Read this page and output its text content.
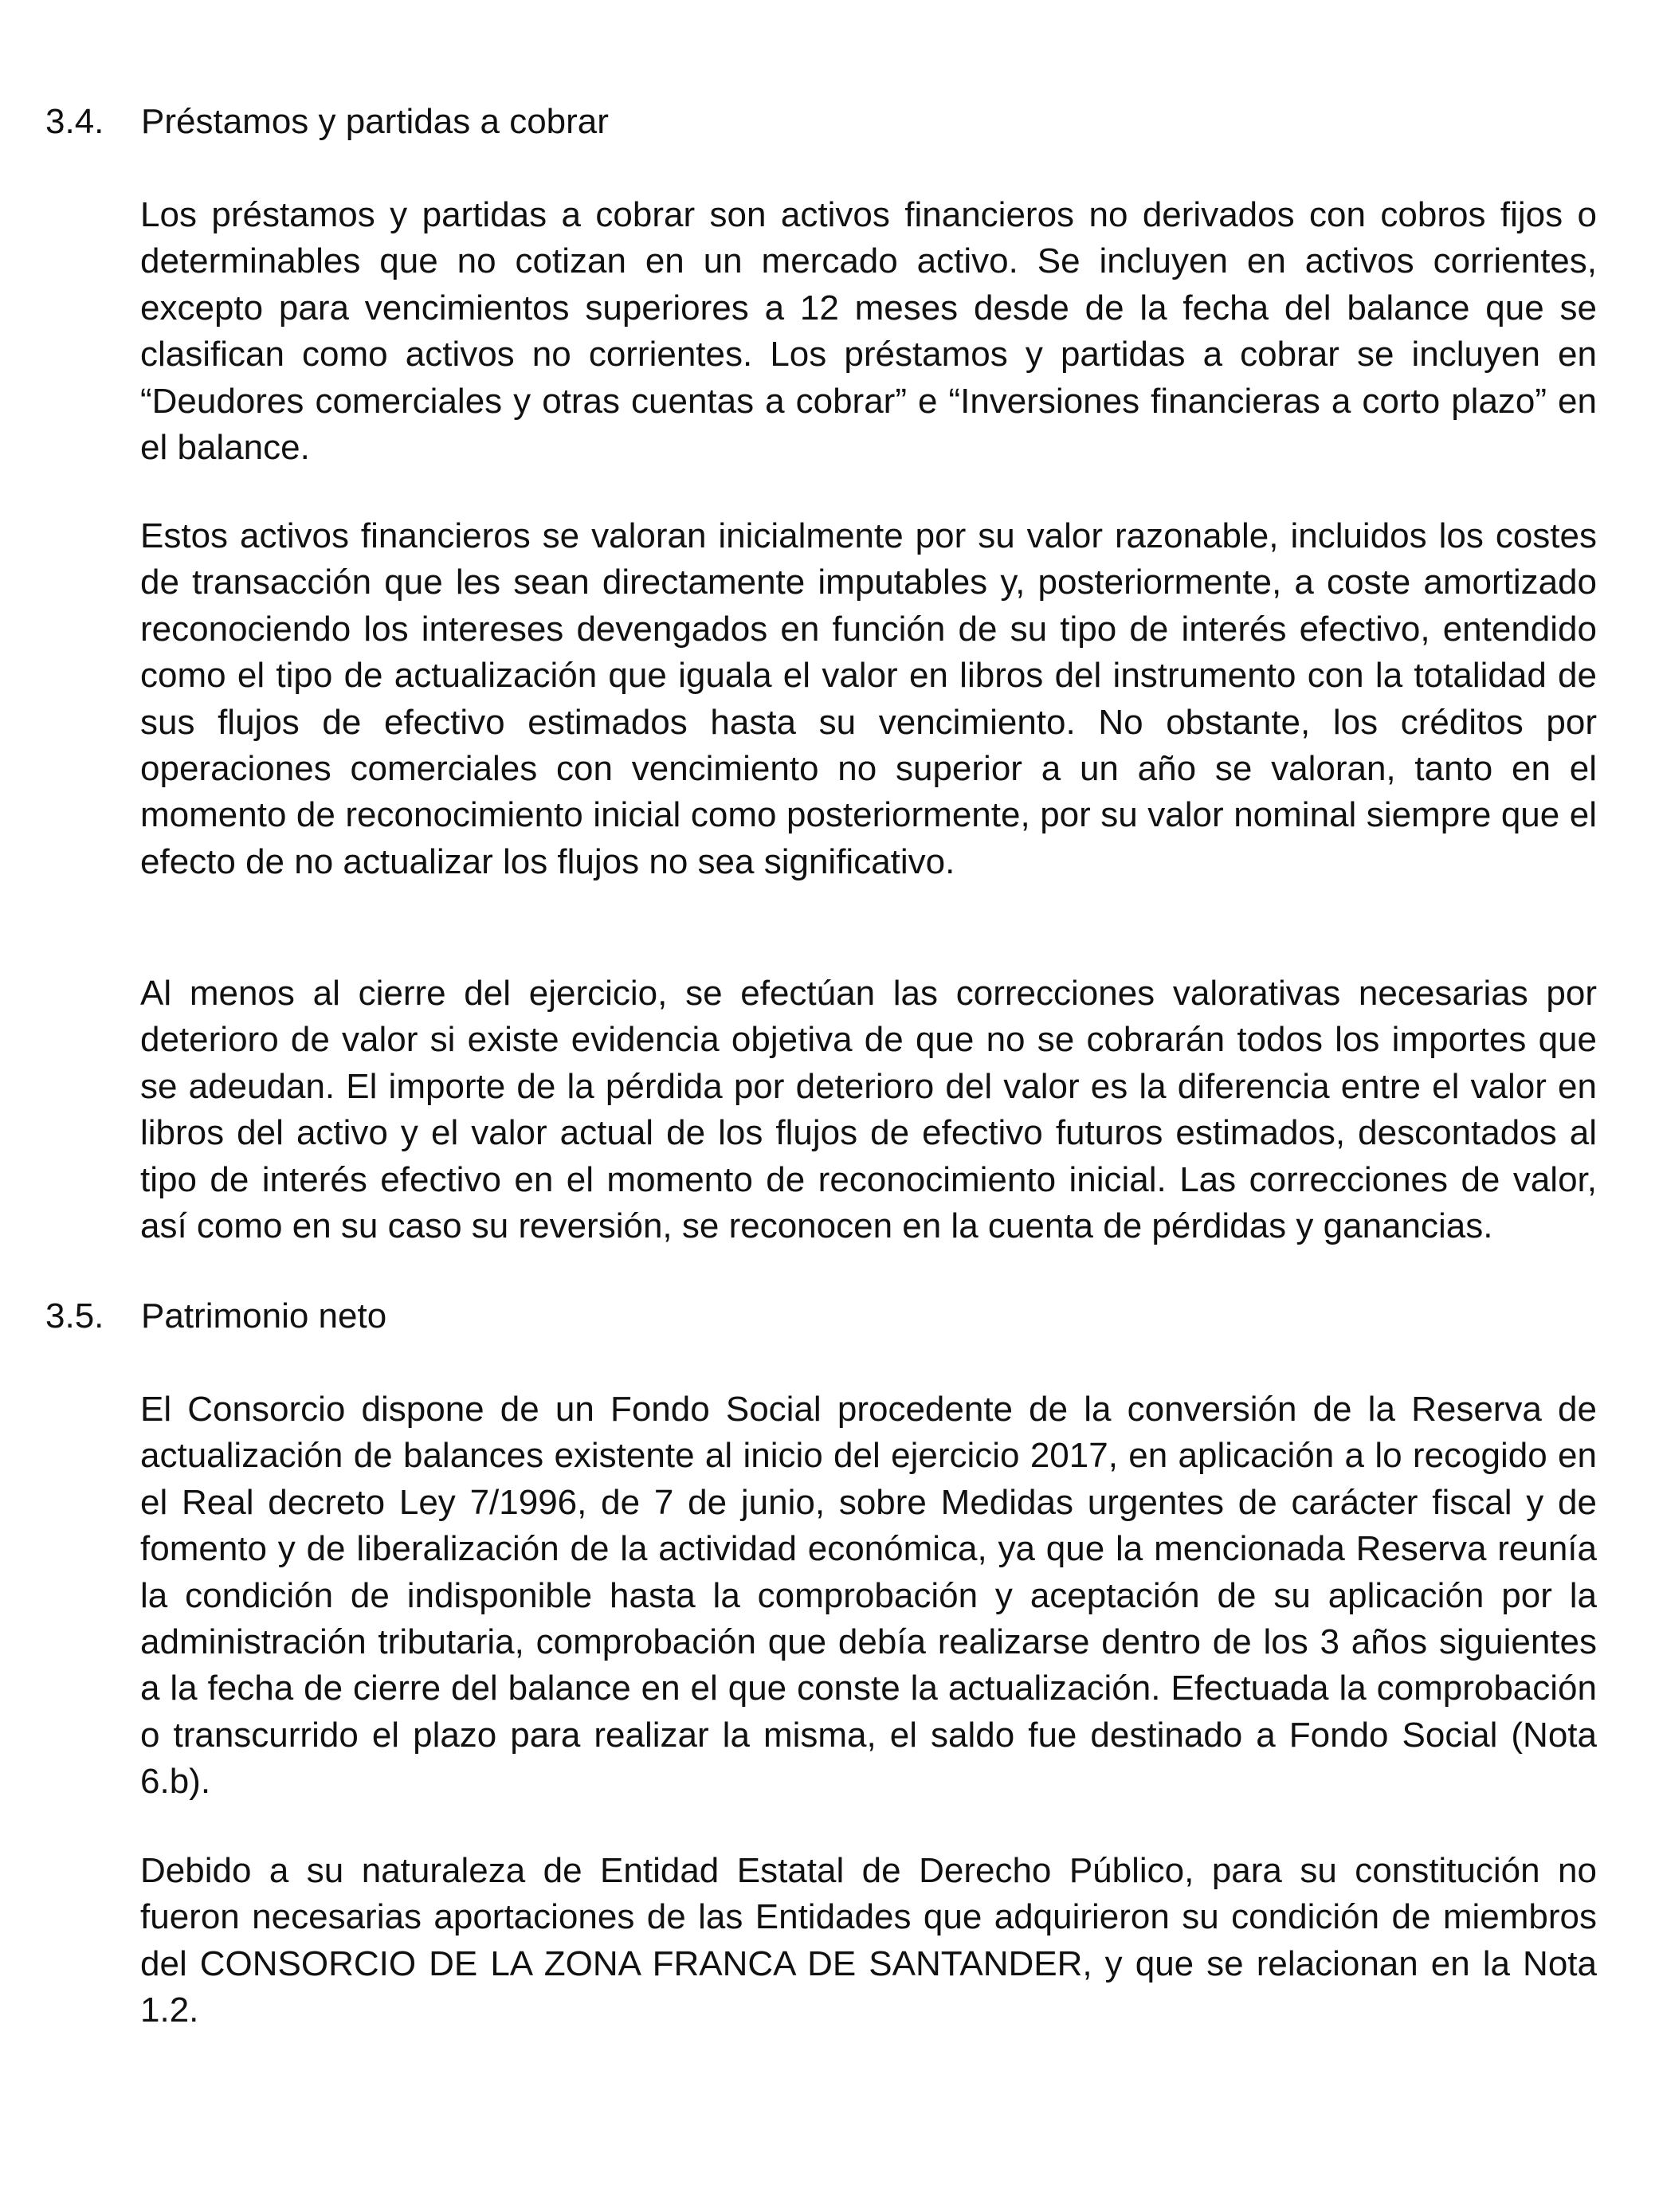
3.4. Préstamos y partidas a cobrar

Los préstamos y partidas a cobrar son activos financieros no derivados con cobros fijos o determinables que no cotizan en un mercado activo. Se incluyen en activos corrientes, excepto para vencimientos superiores a 12 meses desde de la fecha del balance que se clasifican como activos no corrientes. Los préstamos y partidas a cobrar se incluyen en “Deudores comerciales y otras cuentas a cobrar” e “Inversiones financieras a corto plazo” en el balance.

Estos activos financieros se valoran inicialmente por su valor razonable, incluidos los costes de transacción que les sean directamente imputables y, posteriormente, a coste amortizado reconociendo los intereses devengados en función de su tipo de interés efectivo, entendido como el tipo de actualización que iguala el valor en libros del instrumento con la totalidad de sus flujos de efectivo estimados hasta su vencimiento. No obstante, los créditos por operaciones comerciales con vencimiento no superior a un año se valoran, tanto en el momento de reconocimiento inicial como posteriormente, por su valor nominal siempre que el efecto de no actualizar los flujos no sea significativo.

Al menos al cierre del ejercicio, se efectúan las correcciones valorativas necesarias por deterioro de valor si existe evidencia objetiva de que no se cobrarán todos los importes que se adeudan. El importe de la pérdida por deterioro del valor es la diferencia entre el valor en libros del activo y el valor actual de los flujos de efectivo futuros estimados, descontados al tipo de interés efectivo en el momento de reconocimiento inicial. Las correcciones de valor, así como en su caso su reversión, se reconocen en la cuenta de pérdidas y ganancias.

3.5. Patrimonio neto

El Consorcio dispone de un Fondo Social procedente de la conversión de la Reserva de actualización de balances existente al inicio del ejercicio 2017, en aplicación a lo recogido en el Real decreto Ley 7/1996, de 7 de junio, sobre Medidas urgentes de carácter fiscal y de fomento y de liberalización de la actividad económica, ya que la mencionada Reserva reunía la condición de indisponible hasta la comprobación y aceptación de su aplicación por la administración tributaria, comprobación que debía realizarse dentro de los 3 años siguientes a la fecha de cierre del balance en el que conste la actualización. Efectuada la comprobación o transcurrido el plazo para realizar la misma, el saldo fue destinado a Fondo Social (Nota 6.b).

Debido a su naturaleza de Entidad Estatal de Derecho Público, para su constitución no fueron necesarias aportaciones de las Entidades que adquirieron su condición de miembros del CONSORCIO DE LA ZONA FRANCA DE SANTANDER, y que se relacionan en la Nota 1.2.
